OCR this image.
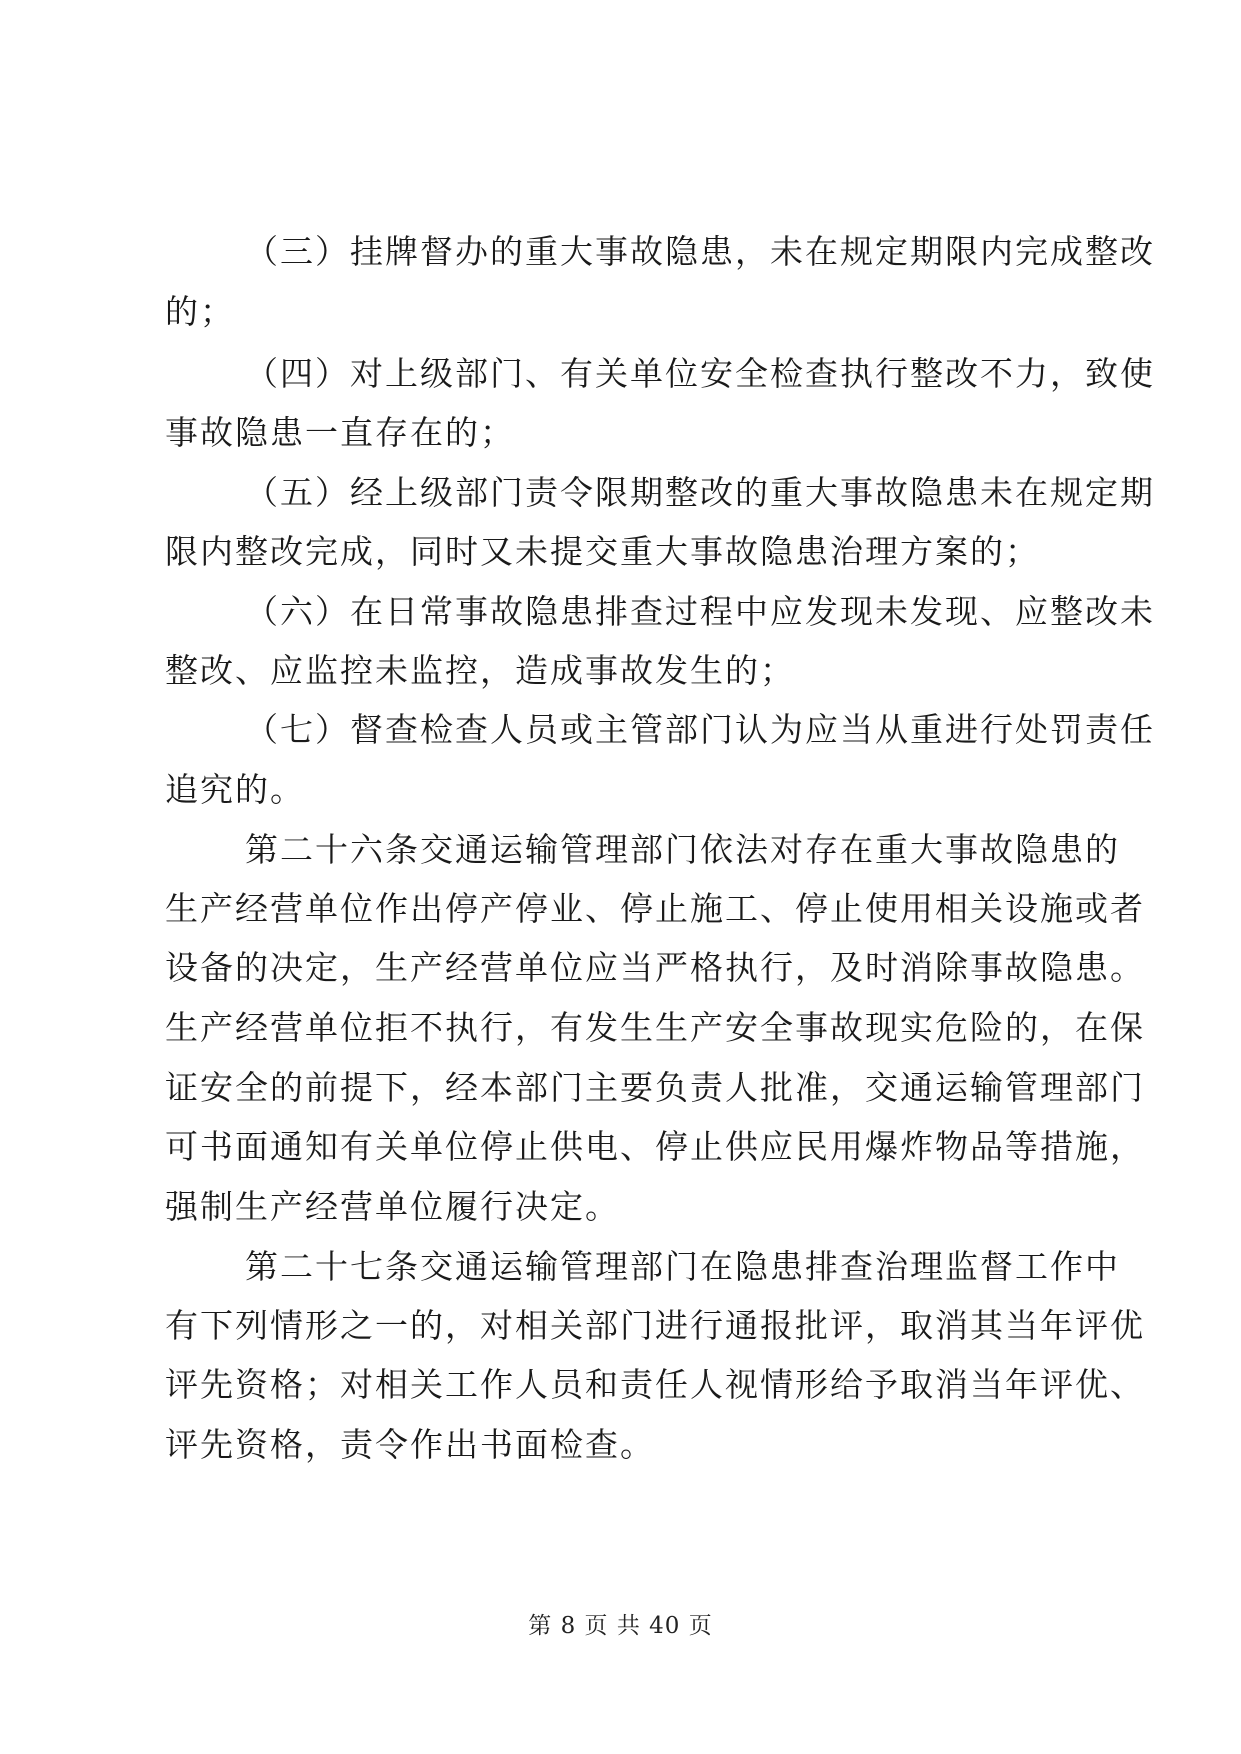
（三）挂牌督办的重大事故隐患，未在规定期限内完成整改
的；
（四）对上级部门、有关单位安全检查执行整改不力，致使
事故隐患一直存在的；
（五）经上级部门责令限期整改的重大事故隐患未在规定期
限内整改完成，同时又未提交重大事故隐患治理方案的；
（六）在日常事故隐患排查过程中应发现未发现、应整改未
整改、应监控未监控，造成事故发生的；
（七）督查检查人员或主管部门认为应当从重进行处罚责任
追究的。
第二十六条交通运输管理部门依法对存在重大事故隐患的
生产经营单位作出停产停业、停止施工、停止使用相关设施或者
设备的决定，生产经营单位应当严格执行，及时消除事故隐患。
生产经营单位拒不执行，有发生生产安全事故现实危险的，在保
证安全的前提下，经本部门主要负责人批准，交通运输管理部门
可书面通知有关单位停止供电、停止供应民用爆炸物品等措施，
强制生产经营单位履行决定。
第二十七条交通运输管理部门在隐患排查治理监督工作中
有下列情形之一的，对相关部门进行通报批评，取消其当年评优
评先资格；对相关工作人员和责任人视情形给予取消当年评优、
评先资格，责令作出书面检查。
第 8 页 共 40 页
